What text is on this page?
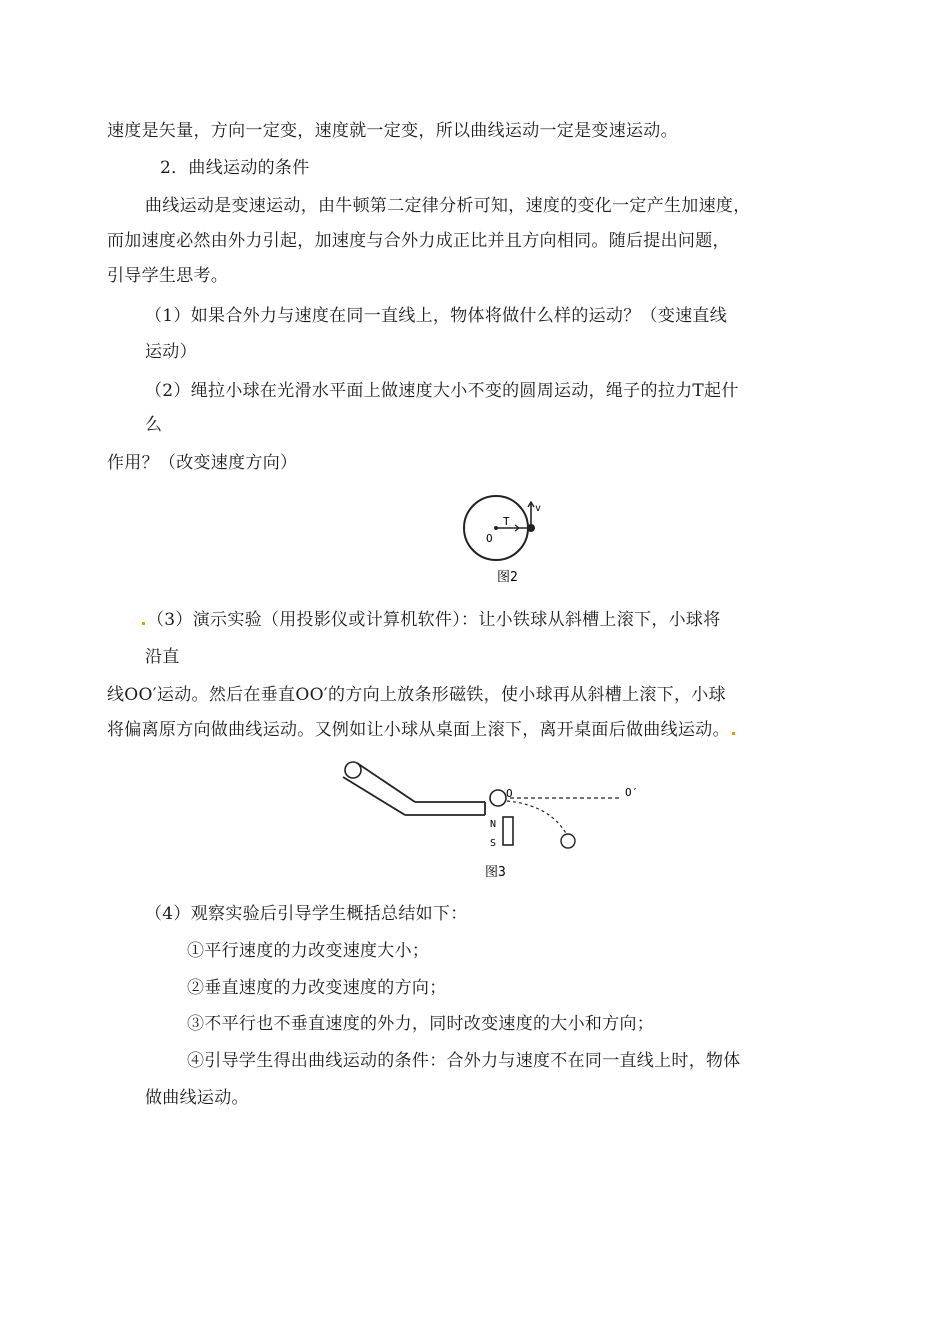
速度是矢量，方向一定变，速度就一定变，所以曲线运动一定是变速运动。
2．曲线运动的条件
曲线运动是变速运动，由牛顿第二定律分析可知，速度的变化一定产生加速度，
而加速度必然由外力引起，加速度与合外力成正比并且方向相同。随后提出问题，
引导学生思考。
（1）如果合外力与速度在同一直线上，物体将做什么样的运动？（变速直线
运动）
（2）绳拉小球在光滑水平面上做速度大小不变的圆周运动，绳子的拉力T起什
么
作用？（改变速度方向）
O
T
v
图2
（3）演示实验（用投影仪或计算机软件）：让小铁球从斜槽上滚下，小球将
沿直
线OO′运动。然后在垂直OO′的方向上放条形磁铁，使小球再从斜槽上滚下，小球
将偏离原方向做曲线运动。又例如让小球从桌面上滚下，离开桌面后做曲线运动。
O	O′
N
S
图3
（4）观察实验后引导学生概括总结如下：
①平行速度的力改变速度大小；
②垂直速度的力改变速度的方向；
③不平行也不垂直速度的外力，同时改变速度的大小和方向；
④引导学生得出曲线运动的条件：合外力与速度不在同一直线上时，物体
做曲线运动。
